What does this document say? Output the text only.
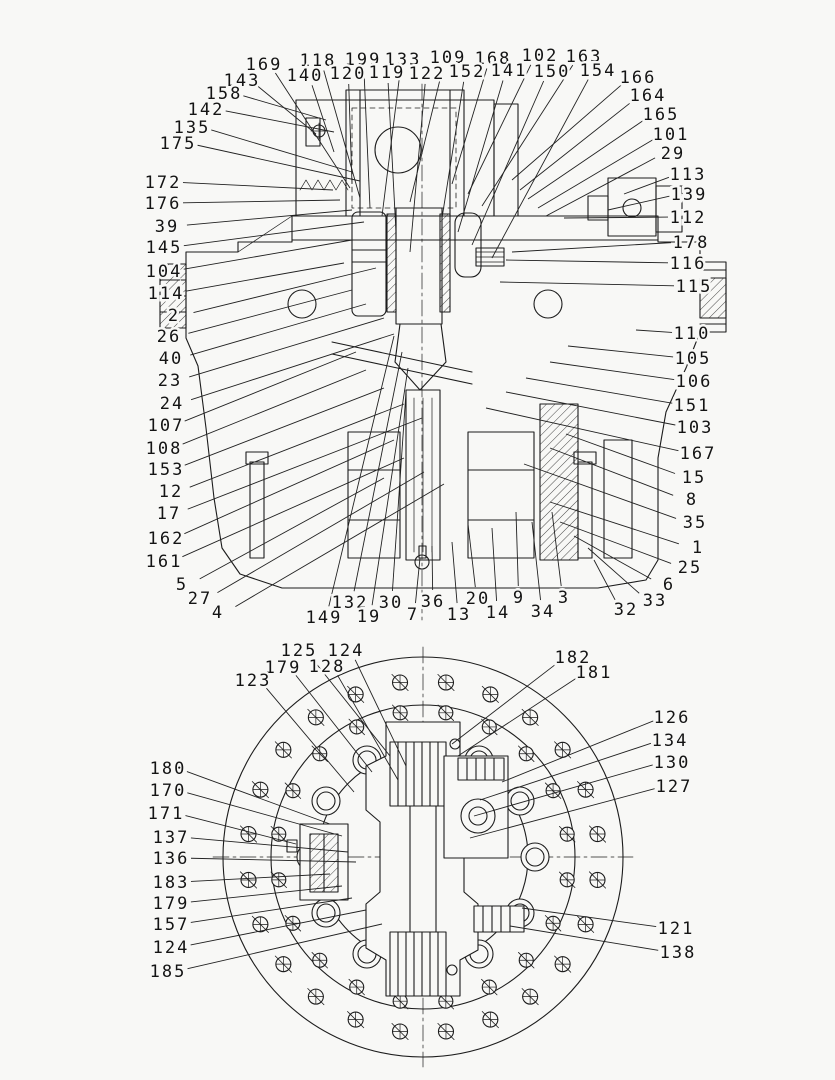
169 118 199 133 109 168 102 163
143 140 120 119 122 152 141 150 154
158
142
135
175
172
176
39
145
104
114
2
26
40
23
24
107
108
153
12
17
162
161
5
27
4	149
132
19
30
7
36
13
20
14
9
34
3
166
164
165
101
29
113
139
112
178
116
115
110
105
106
151
103
167
15
8
35
1
25
6
33
32
125 124
179 128
123
182
181
126
134
130
127
121
138
180
170
171
137
136
183
179
157
124
185
